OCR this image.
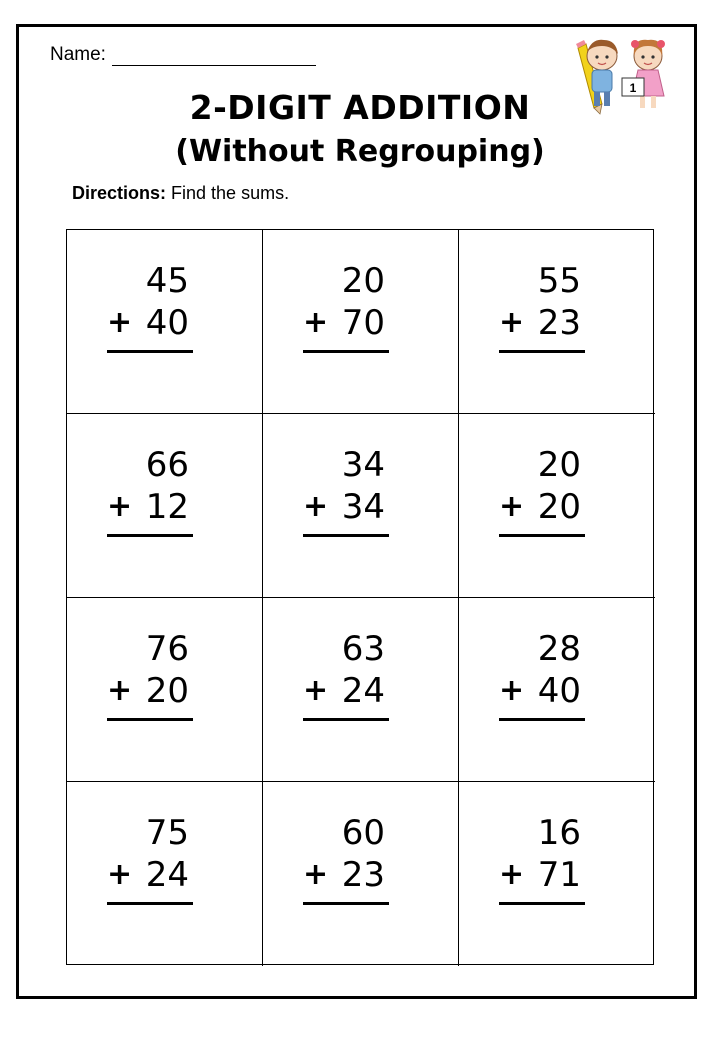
Name:
2-DIGIT ADDITION
(Without Regrouping)
Directions: Find the sums.
1
45
+ 40
20
+ 70
55
+ 23
66
+ 12
34
+ 34
20
+ 20
76
+ 20
63
+ 24
28
+ 40
75
+ 24
60
+ 23
16
+ 71
